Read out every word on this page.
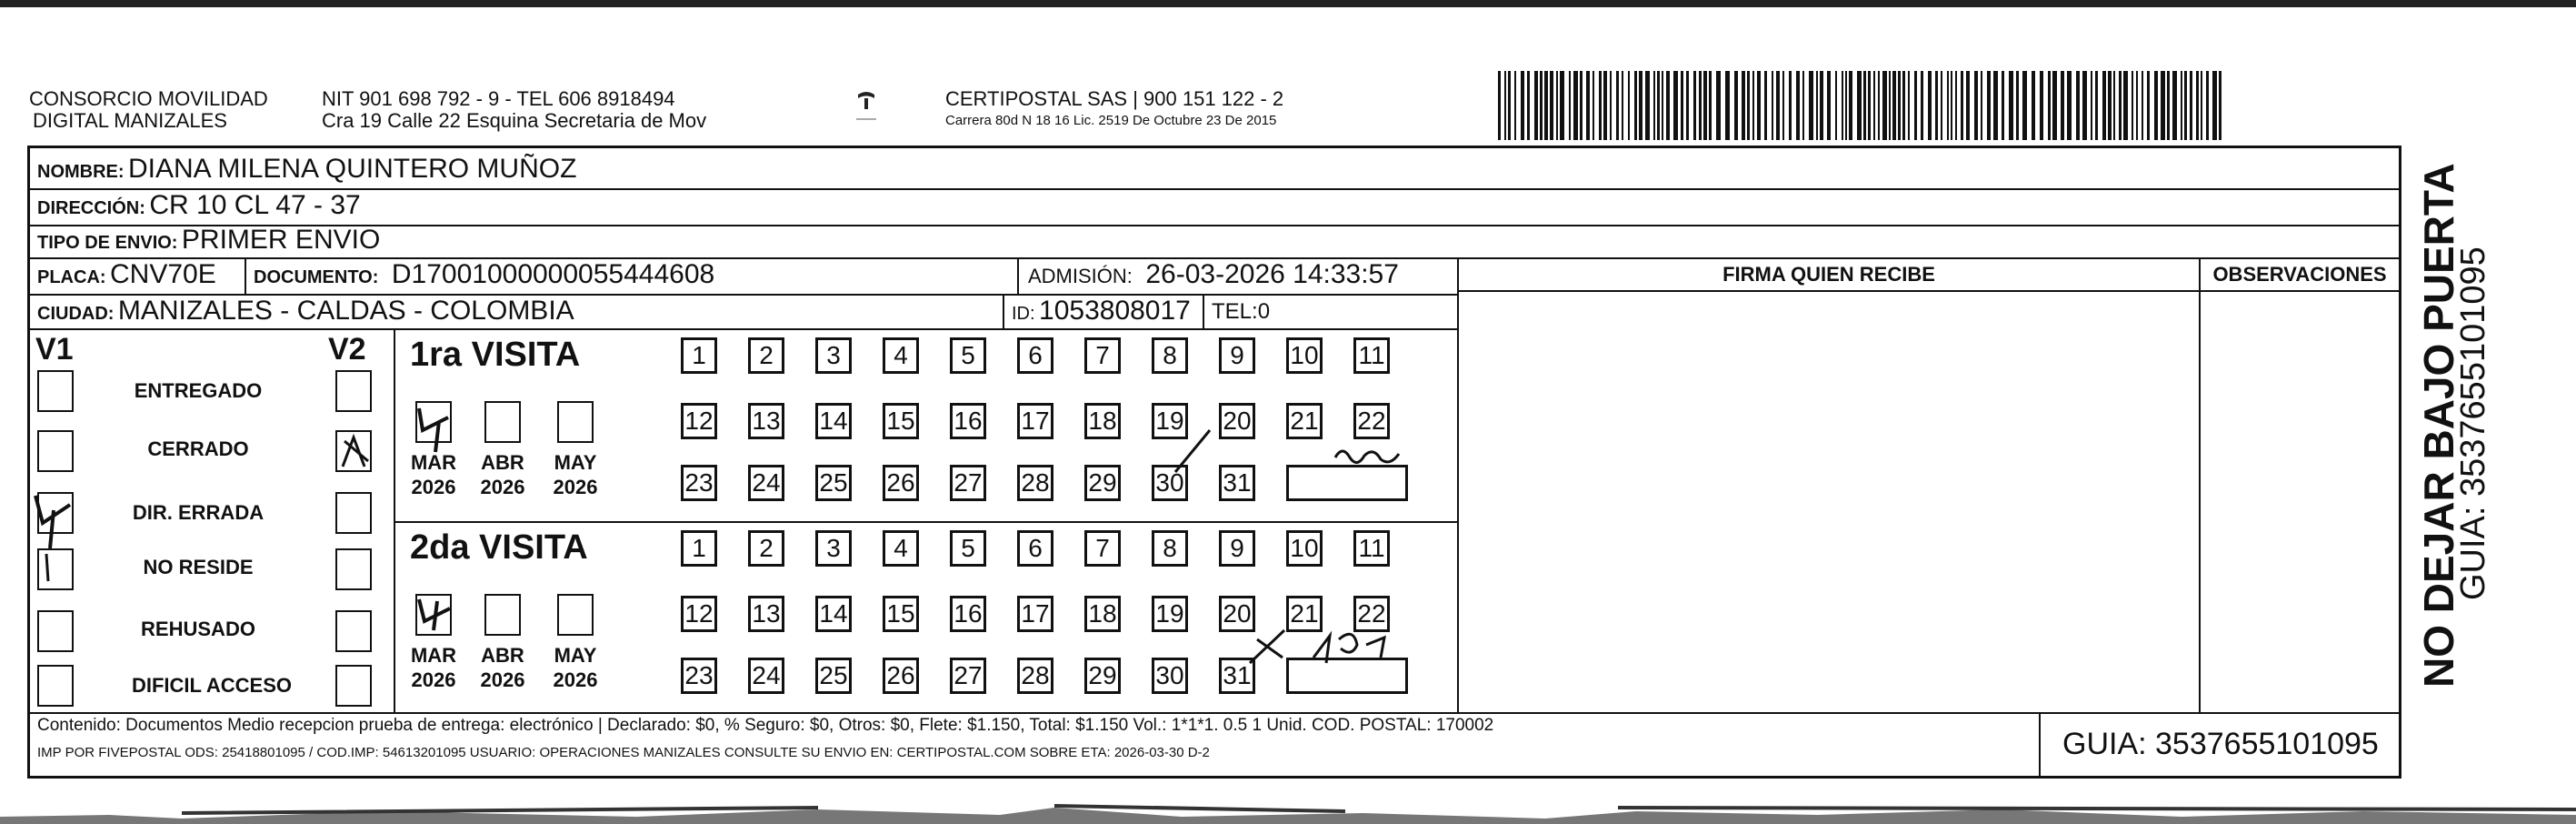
CONSORCIO MOVILIDAD
DIGITAL MANIZALES
NIT 901 698 792 - 9 - TEL 606 8918494
Cra 19 Calle 22 Esquina Secretaria de Mov
CERTIPOSTAL SAS | 900 151 122 - 2
Carrera 80d N 18 16 Lic. 2519 De Octubre 23 De 2015
NOMBRE: DIANA MILENA QUINTERO MUÑOZ
DIRECCIÓN: CR 10 CL 47 - 37
TIPO DE ENVIO: PRIMER ENVIO
FIRMA QUIEN RECIBE	OBSERVACIONES
PLACA: CNV70E DOCUMENTO: D17001000000055444608	ADMISIÓN: 26-03-2026 14:33:57
CIUDAD: MANIZALES - CALDAS - COLOMBIA	ID: 1053808017 TEL:0
V1	V2
ENTREGADO
CERRADO
DIR. ERRADA
NO RESIDE
REHUSADO
DIFICIL ACCESO
1ra VISITA
MAR
2026
ABR
2026
MAY
2026
1	2	3	4	5	6	7	8	9	10 11
12 13 14 15 16 17 18 19 20 21 22
23 24 25 26 27 28 29 30 31
2da VISITA
MAR
2026
ABR
2026
MAY
2026
1	2	3	4	5	6	7	8	9	10 11
12 13 14 15 16 17 18 19 20 21 22
23 24 25 26 27 28 29 30 31
Contenido: Documentos Medio recepcion prueba de entrega: electrónico | Declarado: $0, % Seguro: $0, Otros: $0, Flete: $1.150, Total: $1.150 Vol.: 1*1*1. 0.5 1 Unid. COD. POSTAL: 170002
IMP POR FIVEPOSTAL ODS: 25418801095 / COD.IMP: 54613201095 USUARIO: OPERACIONES MANIZALES CONSULTE SU ENVIO EN: CERTIPOSTAL.COM SOBRE ETA: 2026-03-30 D-2	GUIA: 3537655101095
NO DEJAR BAJO PUERTA
GUIA: 3537655101095
